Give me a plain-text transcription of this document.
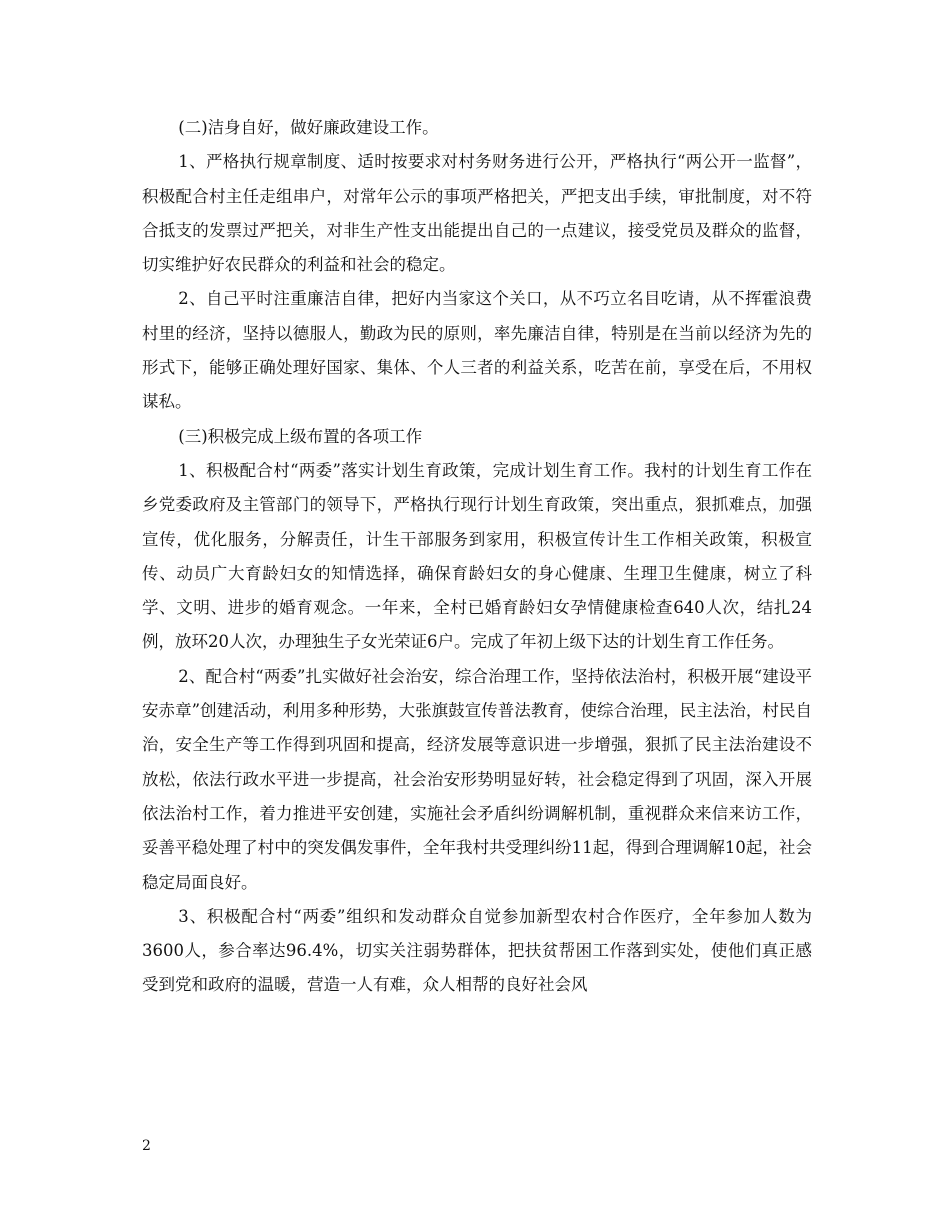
(二)洁身自好，做好廉政建设工作。

1、严格执行规章制度、适时按要求对村务财务进行公开，严格执行“两公开一监督”，积极配合村主任走组串户，对常年公示的事项严格把关，严把支出手续，审批制度，对不符合抵支的发票过严把关，对非生产性支出能提出自己的一点建议，接受党员及群众的监督，切实维护好农民群众的利益和社会的稳定。

2、自己平时注重廉洁自律，把好内当家这个关口，从不巧立名目吃请，从不挥霍浪费村里的经济，坚持以德服人，勤政为民的原则，率先廉洁自律，特别是在当前以经济为先的形式下，能够正确处理好国家、集体、个人三者的利益关系，吃苦在前，享受在后，不用权谋私。

(三)积极完成上级布置的各项工作

1、积极配合村“两委”落实计划生育政策，完成计划生育工作。我村的计划生育工作在乡党委政府及主管部门的领导下，严格执行现行计划生育政策，突出重点，狠抓难点，加强宣传，优化服务，分解责任，计生干部服务到家用，积极宣传计生工作相关政策，积极宣传、动员广大育龄妇女的知情选择，确保育龄妇女的身心健康、生理卫生健康，树立了科学、文明、进步的婚育观念。一年来，全村已婚育龄妇女孕情健康检查640人次，结扎24例，放环20人次，办理独生子女光荣证6户。完成了年初上级下达的计划生育工作任务。

2、配合村“两委”扎实做好社会治安，综合治理工作，坚持依法治村，积极开展“建设平安赤章”创建活动，利用多种形势，大张旗鼓宣传普法教育，使综合治理，民主法治，村民自治，安全生产等工作得到巩固和提高，经济发展等意识进一步增强，狠抓了民主法治建设不放松，依法行政水平进一步提高，社会治安形势明显好转，社会稳定得到了巩固，深入开展依法治村工作，着力推进平安创建，实施社会矛盾纠纷调解机制，重视群众来信来访工作，妥善平稳处理了村中的突发偶发事件，全年我村共受理纠纷11起，得到合理调解10起，社会稳定局面良好。

3、积极配合村“两委”组织和发动群众自觉参加新型农村合作医疗，全年参加人数为3600人，参合率达96.4%，切实关注弱势群体，把扶贫帮困工作落到实处，使他们真正感受到党和政府的温暖，营造一人有难，众人相帮的良好社会风

2
